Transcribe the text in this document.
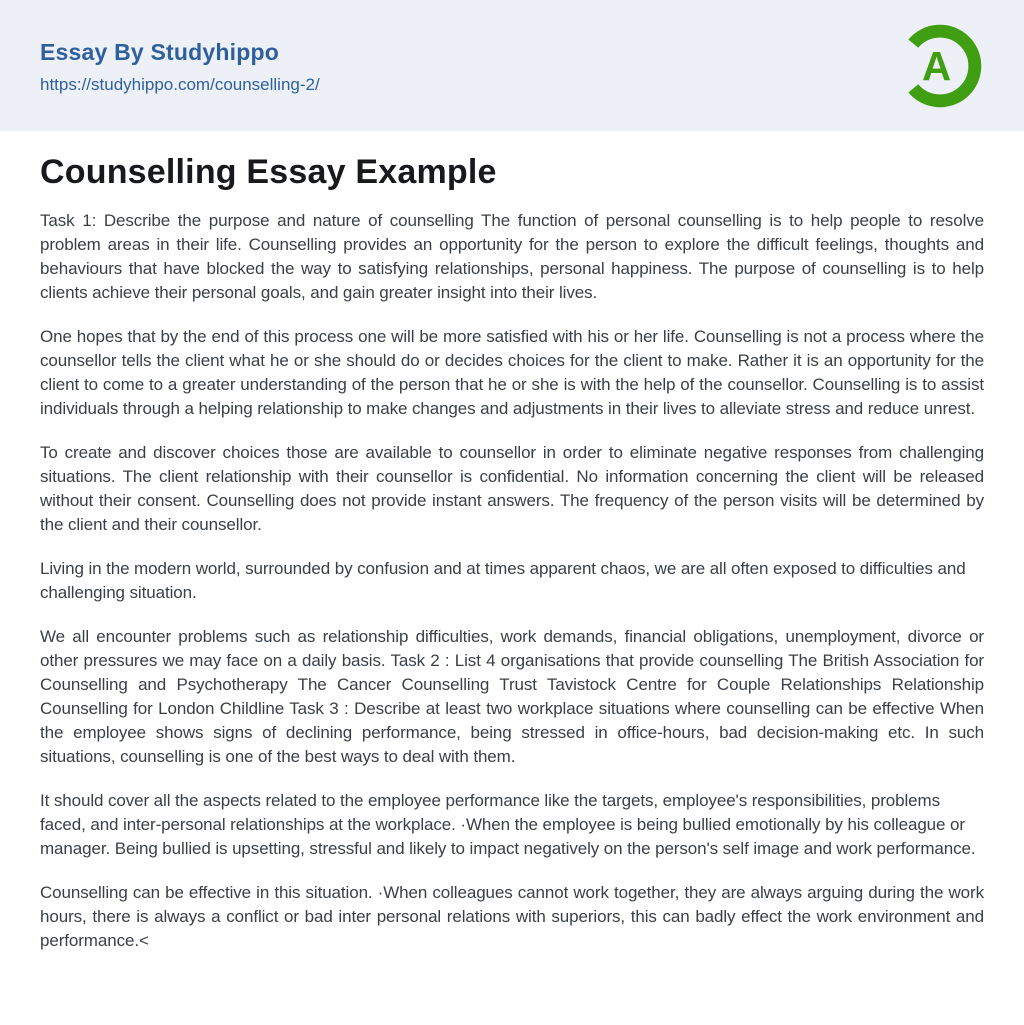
Essay By Studyhippo
https://studyhippo.com/counselling-2/	A
Counselling Essay Example

Task 1: Describe the purpose and nature of counselling The function of personal counselling is to help people to resolve problem areas in their life. Counselling provides an opportunity for the person to explore the difficult feelings, thoughts and behaviours that have blocked the way to satisfying relationships, personal happiness. The purpose of counselling is to help clients achieve their personal goals, and gain greater insight into their lives.

One hopes that by the end of this process one will be more satisfied with his or her life. Counselling is not a process where the counsellor tells the client what he or she should do or decides choices for the client to make. Rather it is an opportunity for the client to come to a greater understanding of the person that he or she is with the help of the counsellor. Counselling is to assist individuals through a helping relationship to make changes and adjustments in their lives to alleviate stress and reduce unrest.

To create and discover choices those are available to counsellor in order to eliminate negative responses from challenging situations. The client relationship with their counsellor is confidential. No information concerning the client will be released without their consent. Counselling does not provide instant answers. The frequency of the person visits will be determined by the client and their counsellor.

Living in the modern world, surrounded by confusion and at times apparent chaos, we are all often exposed to difficulties and challenging situation.

We all encounter problems such as relationship difficulties, work demands, financial obligations, unemployment, divorce or other pressures we may face on a daily basis. Task 2 : List 4 organisations that provide counselling The British Association for Counselling and Psychotherapy The Cancer Counselling Trust Tavistock Centre for Couple Relationships Relationship Counselling for London Childline Task 3 : Describe at least two workplace situations where counselling can be effective When the employee shows signs of declining performance, being stressed in office-hours, bad decision-making etc. In such situations, counselling is one of the best ways to deal with them.

It should cover all the aspects related to the employee performance like the targets, employee's responsibilities, problems faced, and inter-personal relationships at the workplace. ·When the employee is being bullied emotionally by his colleague or manager. Being bullied is upsetting, stressful and likely to impact negatively on the person's self image and work performance.

Counselling can be effective in this situation. ·When colleagues cannot work together, they are always arguing during the work hours, there is always a conflict or bad inter personal relations with superiors, this can badly effect the work environment and performance.<
